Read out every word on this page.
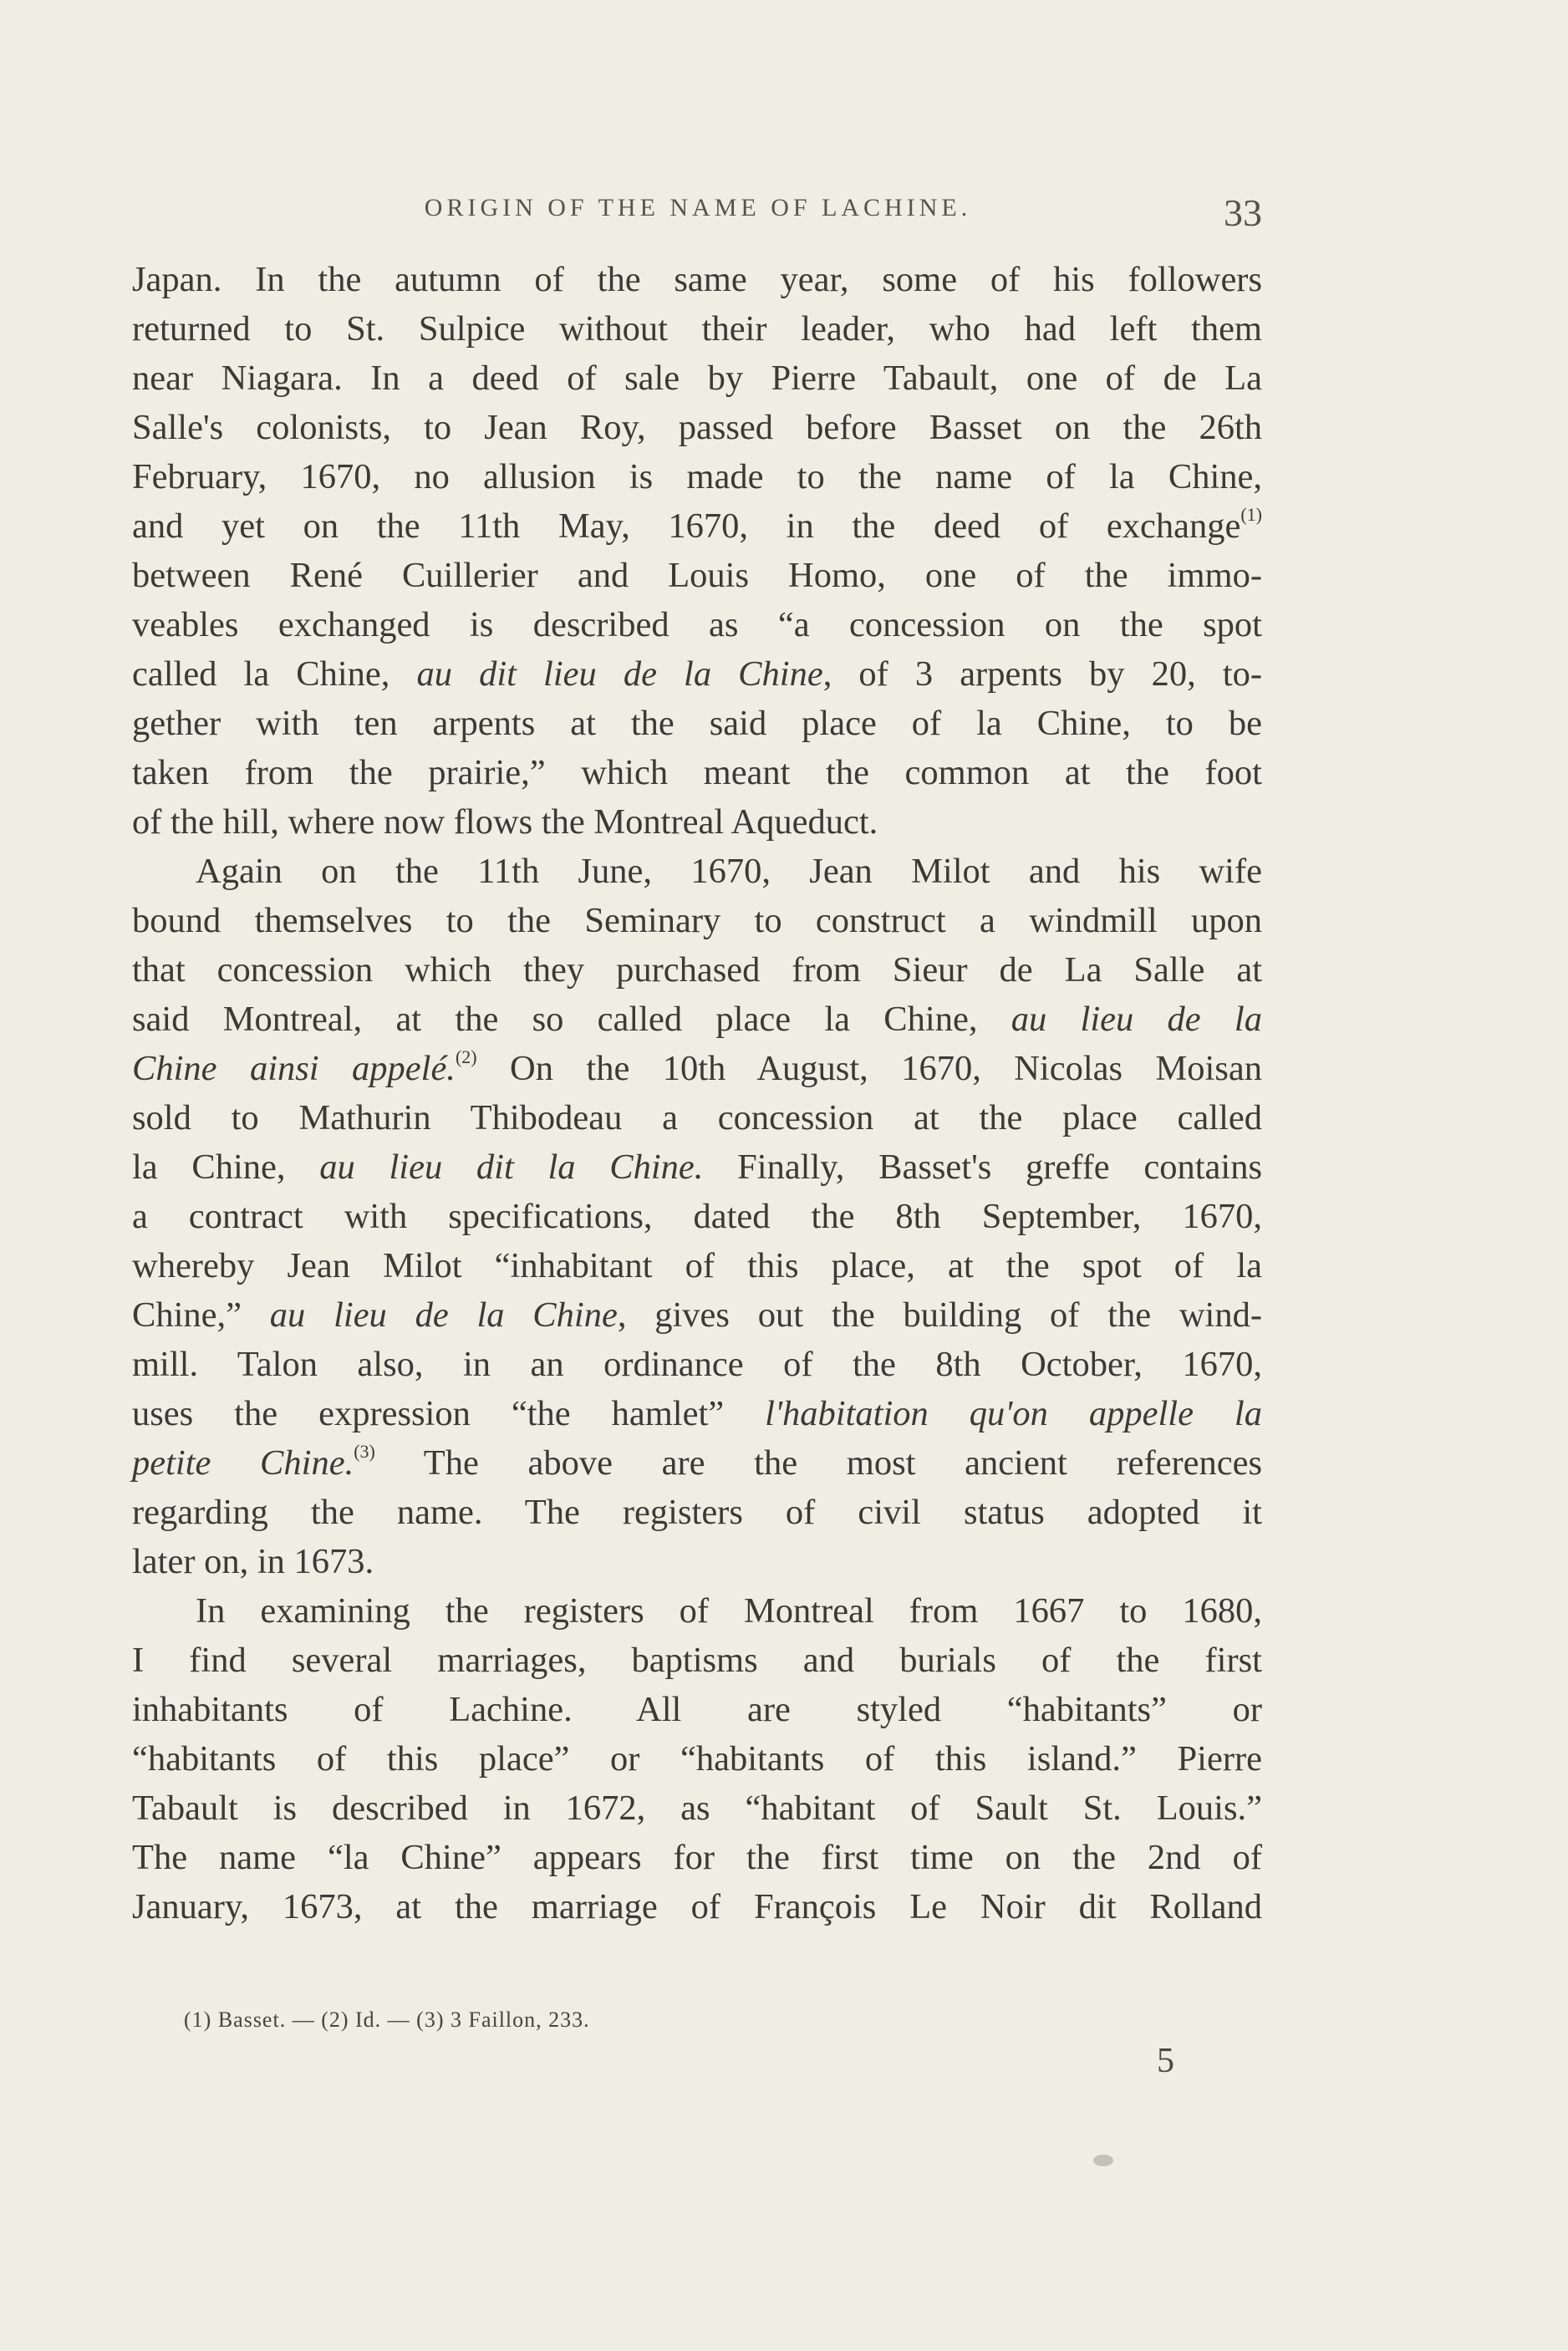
ORIGIN OF THE NAME OF LACHINE.	33
Japan. In the autumn of the same year, some of his followers
returned to St. Sulpice without their leader, who had left them
near Niagara. In a deed of sale by Pierre Tabault, one of de La
Salle's colonists, to Jean Roy, passed before Basset on the 26th
February, 1670, no allusion is made to the name of la Chine,
and yet on the 11th May, 1670, in the deed of exchange$^{(1)}$
between René Cuillerier and Louis Homo, one of the immo-
veables exchanged is described as “a concession on the spot
called la Chine, au dit lieu de la Chine, of 3 arpents by 20, to-
gether with ten arpents at the said place of la Chine, to be
taken from the prairie,” which meant the common at the foot
of the hill, where now flows the Montreal Aqueduct.
Again on the 11th June, 1670, Jean Milot and his wife
bound themselves to the Seminary to construct a windmill upon
that concession which they purchased from Sieur de La Salle at
said Montreal, at the so called place la Chine, au lieu de la
Chine ainsi appelé.$^{(2)}$ On the 10th August, 1670, Nicolas Moisan
sold to Mathurin Thibodeau a concession at the place called
la Chine, au lieu dit la Chine. Finally, Basset's greffe contains
a contract with specifications, dated the 8th September, 1670,
whereby Jean Milot “inhabitant of this place, at the spot of la
Chine,” au lieu de la Chine, gives out the building of the wind-
mill. Talon also, in an ordinance of the 8th October, 1670,
uses the expression “the hamlet” l'habitation qu'on appelle la
petite Chine.$^{(3)}$ The above are the most ancient references
regarding the name. The registers of civil status adopted it
later on, in 1673.
In examining the registers of Montreal from 1667 to 1680,
I find several marriages, baptisms and burials of the first
inhabitants of Lachine. All are styled “habitants” or
“habitants of this place” or “habitants of this island.” Pierre
Tabault is described in 1672, as “habitant of Sault St. Louis.”
The name “la Chine” appears for the first time on the 2nd of
January, 1673, at the marriage of François Le Noir dit Rolland
(1) Basset. — (2) Id. — (3) 3 Faillon, 233.
5
